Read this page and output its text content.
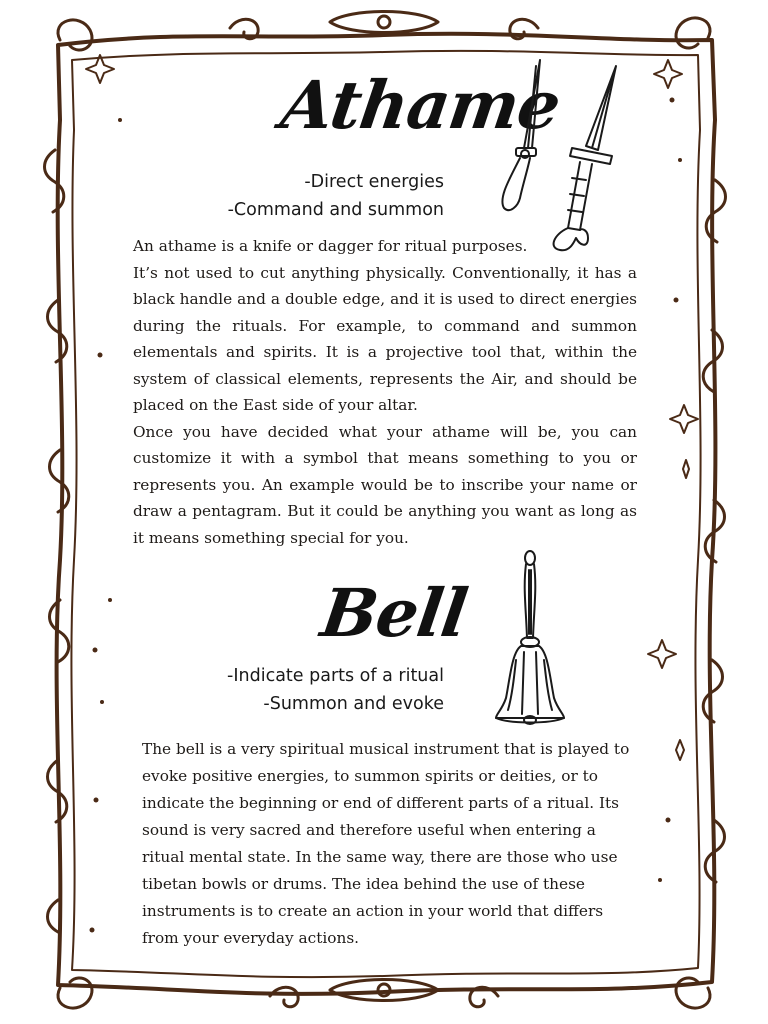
Athame
-Direct energies
-Command and summon

An athame is a knife or dagger for ritual purposes.

It’s not used to cut anything physically. Conventionally, it has a black handle and a double edge, and it is used to direct energies during the rituals. For example, to command and summon elementals and spirits. It is a projective tool that, within the system of classical elements, represents the Air, and should be placed on the East side of your altar.

Once you have decided what your athame will be, you can customize it with a symbol that means something to you or represents you. An example would be to inscribe your name or draw a pentagram. But it could be anything you want as long as it means something special for you.

Bell
-Indicate parts of a ritual
-Summon and evoke

The bell is a very spiritual musical instrument that is played to evoke positive energies, to summon spirits or deities, or to indicate the beginning or end of different parts of a ritual. Its sound is very sacred and therefore useful when entering a ritual mental state. In the same way, there are those who use tibetan bowls or drums. The idea behind the use of these instruments is to create an action in your world that differs from your everyday actions.
